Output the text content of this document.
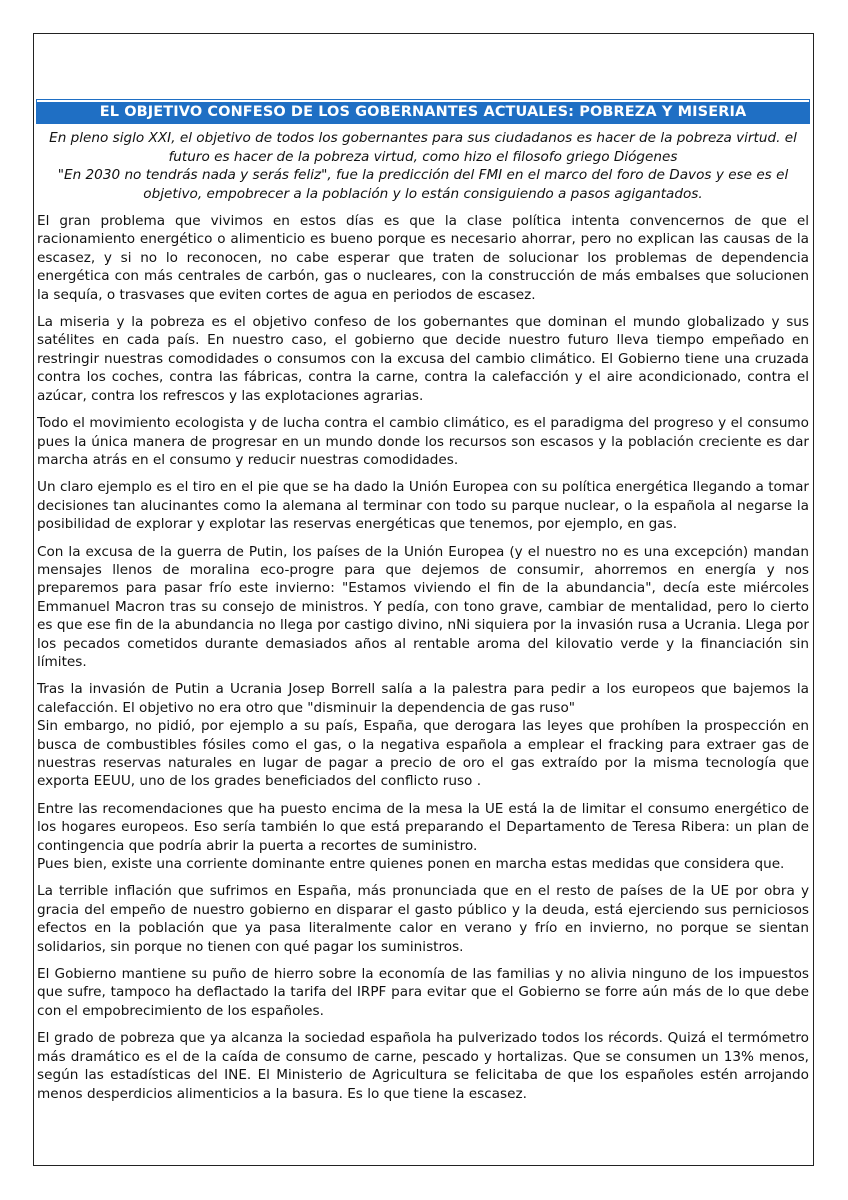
EL OBJETIVO CONFESO DE LOS GOBERNANTES ACTUALES: POBREZA Y MISERIA

En pleno siglo XXI, el objetivo de todos los gobernantes para sus ciudadanos es hacer de la pobreza virtud. el futuro es hacer de la pobreza virtud, como hizo el filosofo griego Diógenes

"En 2030 no tendrás nada y serás feliz", fue la predicción del FMI en el marco del foro de Davos y ese es el objetivo, empobrecer a la población y lo están consiguiendo a pasos agigantados.

El gran problema que vivimos en estos días es que la clase política intenta convencernos de que el racionamiento energético o alimenticio es bueno porque es necesario ahorrar, pero no explican las causas de la escasez, y si no lo reconocen, no cabe esperar que traten de solucionar los problemas de dependencia energética con más centrales de carbón, gas o nucleares, con la construcción de más embalses que solucionen la sequía, o trasvases que eviten cortes de agua en periodos de escasez.

La miseria y la pobreza es el objetivo confeso de los gobernantes que dominan el mundo globalizado y sus satélites en cada país. En nuestro caso, el gobierno que decide nuestro futuro lleva tiempo empeñado en restringir nuestras comodidades o consumos con la excusa del cambio climático. El Gobierno tiene una cruzada contra los coches, contra las fábricas, contra la carne, contra la calefacción y el aire acondicionado, contra el azúcar, contra los refrescos y las explotaciones agrarias.

Todo el movimiento ecologista y de lucha contra el cambio climático, es el paradigma del progreso y el consumo pues la única manera de progresar en un mundo donde los recursos son escasos y la población creciente es dar marcha atrás en el consumo y reducir nuestras comodidades.

Un claro ejemplo es el tiro en el pie que se ha dado la Unión Europea con su política energética llegando a tomar decisiones tan alucinantes como la alemana al terminar con todo su parque nuclear, o la española al negarse la posibilidad de explorar y explotar las reservas energéticas que tenemos, por ejemplo, en gas.

Con la excusa de la guerra de Putin, los países de la Unión Europea (y el nuestro no es una excepción) mandan mensajes llenos de moralina eco-progre para que dejemos de consumir, ahorremos en energía y nos preparemos para pasar frío este invierno: "Estamos viviendo el fin de la abundancia", decía este miércoles Emmanuel Macron tras su consejo de ministros. Y pedía, con tono grave, cambiar de mentalidad, pero lo cierto es que ese fin de la abundancia no llega por castigo divino, nNi siquiera por la invasión rusa a Ucrania. Llega por los pecados cometidos durante demasiados años al rentable aroma del kilovatio verde y la financiación sin límites.

Tras la invasión de Putin a Ucrania Josep Borrell salía a la palestra para pedir a los europeos que bajemos la calefacción. El objetivo no era otro que "disminuir la dependencia de gas ruso"

Sin embargo, no pidió, por ejemplo a su país, España, que derogara las leyes que prohíben la prospección en busca de combustibles fósiles como el gas, o la negativa española a emplear el fracking para extraer gas de nuestras reservas naturales en lugar de pagar a precio de oro el gas extraído por la misma tecnología que exporta EEUU, uno de los grades beneficiados del conflicto ruso .

Entre las recomendaciones que ha puesto encima de la mesa la UE está la de limitar el consumo energético de los hogares europeos. Eso sería también lo que está preparando el Departamento de Teresa Ribera: un plan de contingencia que podría abrir la puerta a recortes de suministro.

Pues bien, existe una corriente dominante entre quienes ponen en marcha estas medidas que considera que.

La terrible inflación que sufrimos en España, más pronunciada que en el resto de países de la UE por obra y gracia del empeño de nuestro gobierno en disparar el gasto público y la deuda, está ejerciendo sus perniciosos efectos en la población que ya pasa literalmente calor en verano y frío en invierno, no porque se sientan solidarios, sin porque no tienen con qué pagar los suministros.

El Gobierno mantiene su puño de hierro sobre la economía de las familias y no alivia ninguno de los impuestos que sufre, tampoco ha deflactado la tarifa del IRPF para evitar que el Gobierno se forre aún más de lo que debe con el empobrecimiento de los españoles.

El grado de pobreza que ya alcanza la sociedad española ha pulverizado todos los récords. Quizá el termómetro más dramático es el de la caída de consumo de carne, pescado y hortalizas. Que se consumen un 13% menos, según las estadísticas del INE. El Ministerio de Agricultura se felicitaba de que los españoles estén arrojando menos desperdicios alimenticios a la basura. Es lo que tiene la escasez.
